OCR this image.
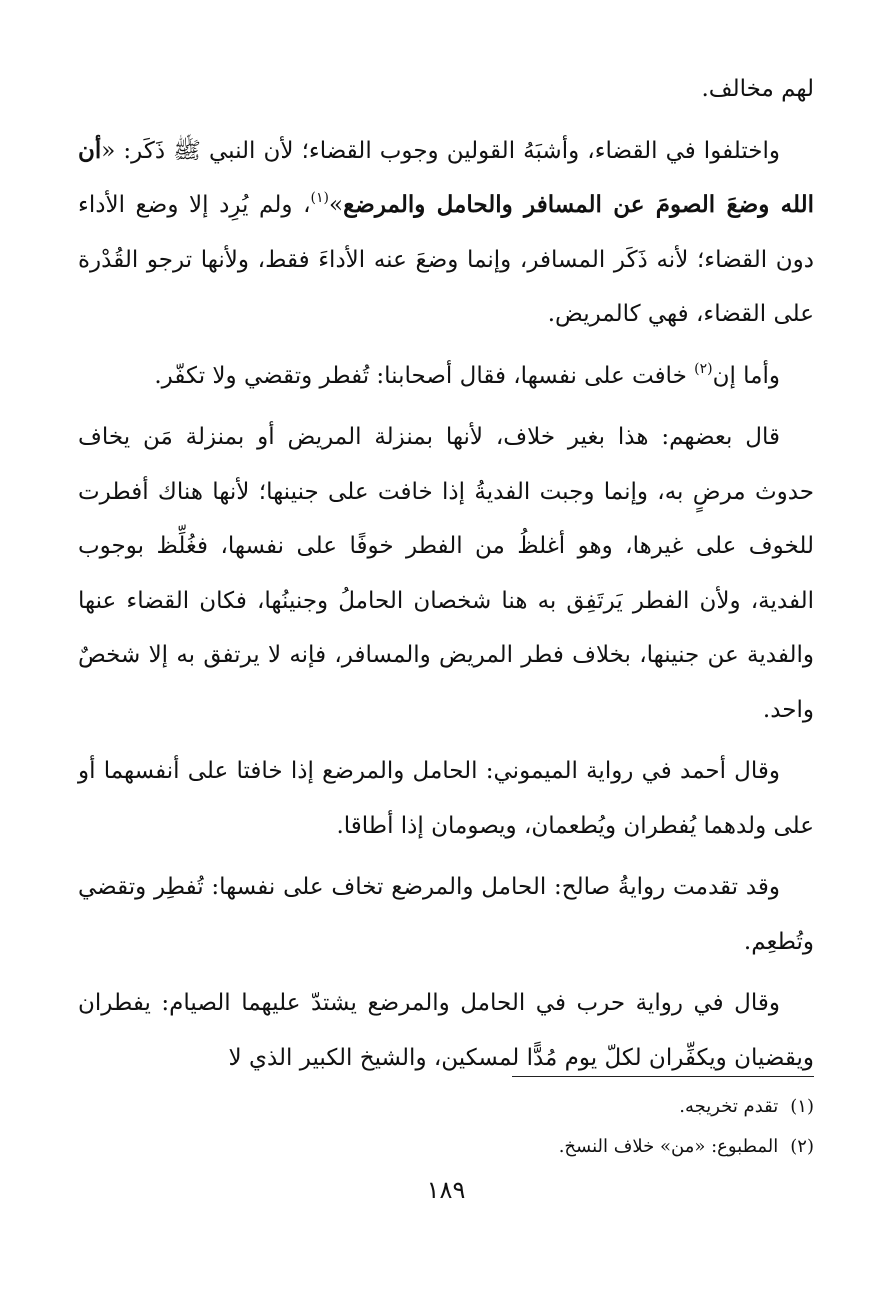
لهم مخالف.

واختلفوا في القضاء، وأشبَهُ القولين وجوب القضاء؛ لأن النبي ﷺ ذَكَر: «أن الله وضعَ الصومَ عن المسافر والحامل والمرضع»$^{(١)}$، ولم يُرِد إلا وضع الأداء دون القضاء؛ لأنه ذَكَر المسافر، وإنما وضعَ عنه الأداءَ فقط، ولأنها ترجو القُدْرة على القضاء، فهي كالمريض.

وأما إن$^{(٢)}$ خافت على نفسها، فقال أصحابنا: تُفطر وتقضي ولا تكفّر.

قال بعضهم: هذا بغير خلاف، لأنها بمنزلة المريض أو بمنزلة مَن يخاف حدوث مرضٍ به، وإنما وجبت الفديةُ إذا خافت على جنينها؛ لأنها هناك أفطرت للخوف على غيرها، وهو أغلظُ من الفطر خوفًا على نفسها، فغُلِّظ بوجوب الفدية، ولأن الفطر يَرتَفِق به هنا شخصان الحاملُ وجنينُها، فكان القضاء عنها والفدية عن جنينها، بخلاف فطر المريض والمسافر، فإنه لا يرتفق به إلا شخصٌ واحد.

وقال أحمد في رواية الميموني: الحامل والمرضع إذا خافتا على أنفسهما أو على ولدهما يُفطران ويُطعمان، ويصومان إذا أطاقا.

وقد تقدمت روايةُ صالح: الحامل والمرضع تخاف على نفسها: تُفطِر وتقضي وتُطعِم.

وقال في رواية حرب في الحامل والمرضع يشتدّ عليهما الصيام: يفطران ويقضيان ويكفِّران لكلّ يوم مُدًّا لمسكين، والشيخ الكبير الذي لا

(١)تقدم تخريجه.
(٢)المطبوع: «من» خلاف النسخ.
١٨٩
